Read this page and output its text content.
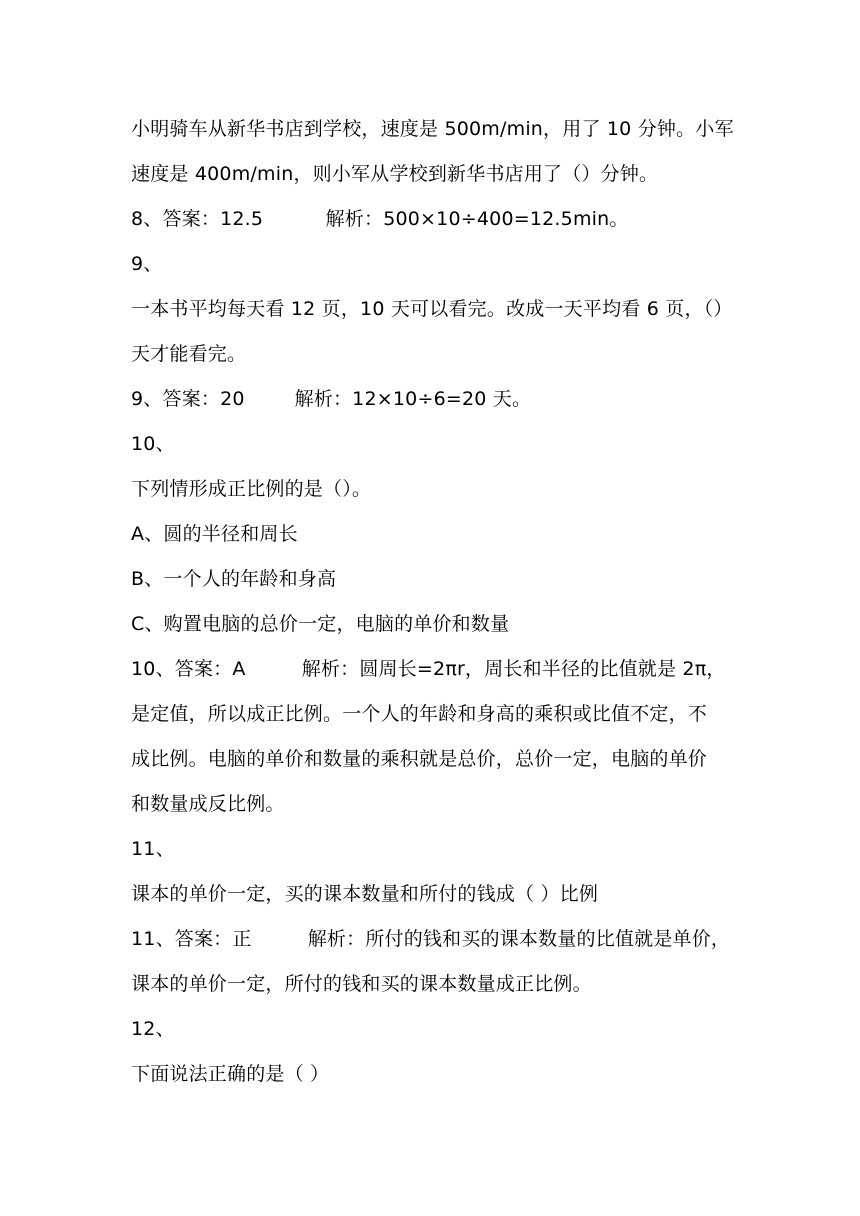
小明骑车从新华书店到学校，速度是 500m/min，用了 10 分钟。小军
速度是 400m/min，则小军从学校到新华书店用了（）分钟。
8、答案：12.5          解析：500×10÷400=12.5min。
9、
一本书平均每天看 12 页，10 天可以看完。改成一天平均看 6 页，（）
天才能看完。
9、答案：20        解析：12×10÷6=20 天。
10、
下列情形成正比例的是（）。
A、圆的半径和周长
B、一个人的年龄和身高
C、购置电脑的总价一定，电脑的单价和数量
10、答案：A         解析：圆周长=2πr，周长和半径的比值就是 2π，
是定值，所以成正比例。一个人的年龄和身高的乘积或比值不定，不
成比例。电脑的单价和数量的乘积就是总价，总价一定，电脑的单价
和数量成反比例。
11、
课本的单价一定，买的课本数量和所付的钱成（ ）比例
11、答案：正         解析：所付的钱和买的课本数量的比值就是单价，
课本的单价一定，所付的钱和买的课本数量成正比例。
12、
下面说法正确的是（ ）
